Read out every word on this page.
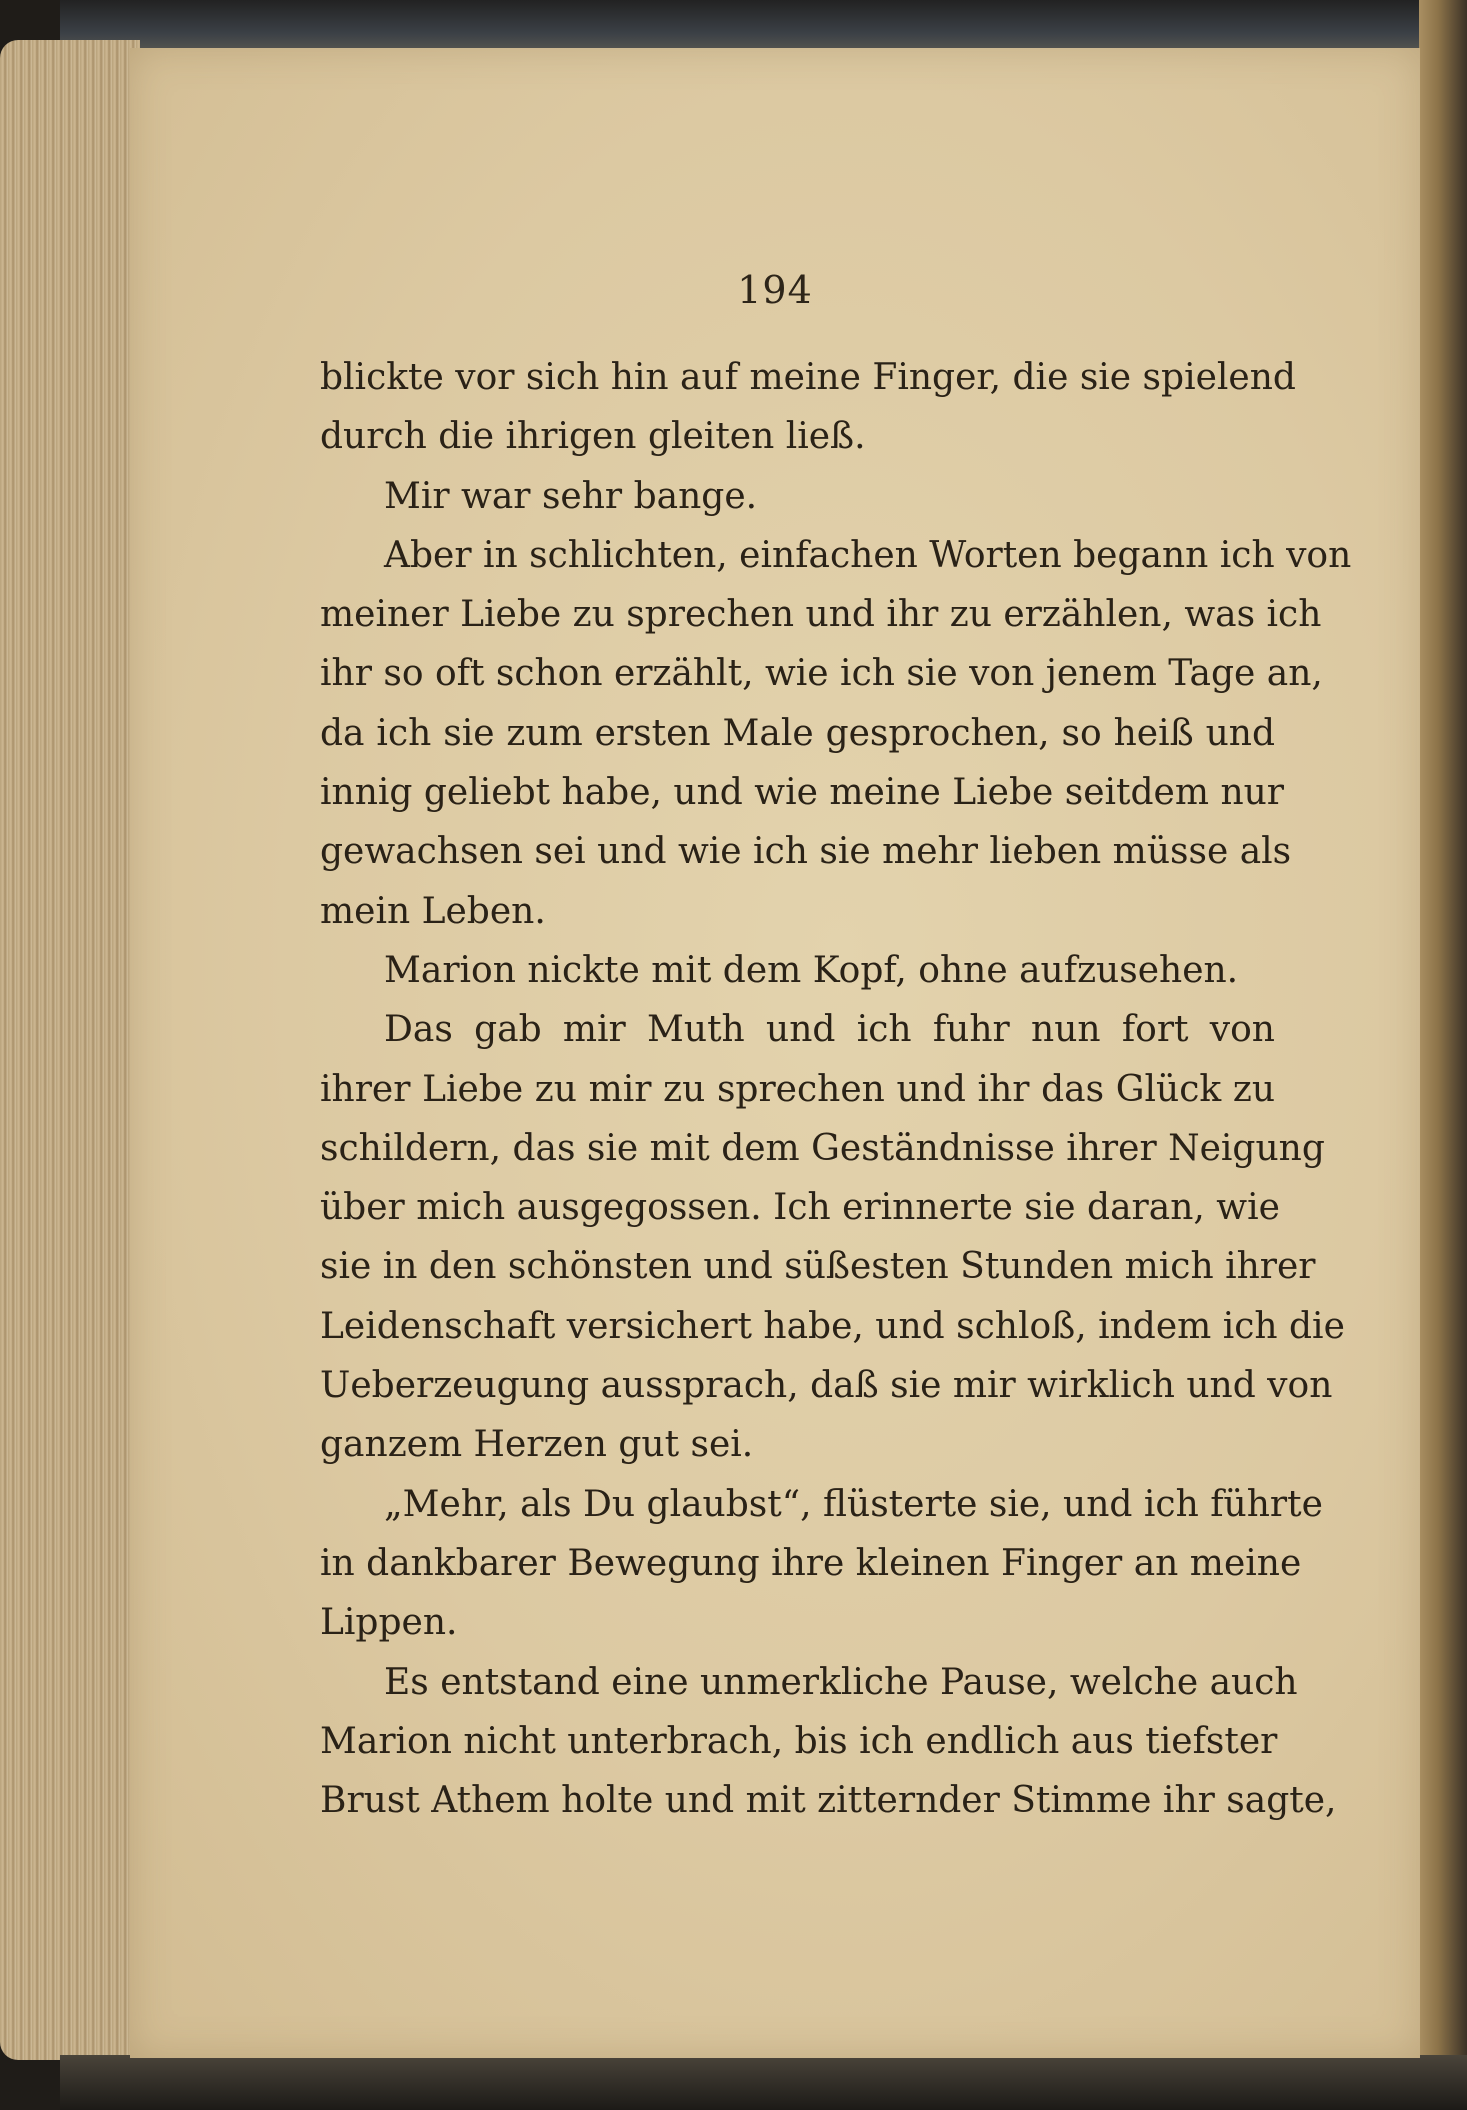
194
blickte vor sich hin auf meine Finger, die sie spielend
durch die ihrigen gleiten ließ.
Mir war sehr bange.
Aber in schlichten, einfachen Worten begann ich von
meiner Liebe zu sprechen und ihr zu erzählen, was ich
ihr so oft schon erzählt, wie ich sie von jenem Tage an,
da ich sie zum ersten Male gesprochen, so heiß und
innig geliebt habe, und wie meine Liebe seitdem nur
gewachsen sei und wie ich sie mehr lieben müsse als
mein Leben.
Marion nickte mit dem Kopf, ohne aufzusehen.
Das gab mir Muth und ich fuhr nun fort von
ihrer Liebe zu mir zu sprechen und ihr das Glück zu
schildern, das sie mit dem Geständnisse ihrer Neigung
über mich ausgegossen. Ich erinnerte sie daran, wie
sie in den schönsten und süßesten Stunden mich ihrer
Leidenschaft versichert habe, und schloß, indem ich die
Ueberzeugung aussprach, daß sie mir wirklich und von
ganzem Herzen gut sei.
„Mehr, als Du glaubst“, flüsterte sie, und ich führte
in dankbarer Bewegung ihre kleinen Finger an meine
Lippen.
Es entstand eine unmerkliche Pause, welche auch
Marion nicht unterbrach, bis ich endlich aus tiefster
Brust Athem holte und mit zitternder Stimme ihr sagte,
